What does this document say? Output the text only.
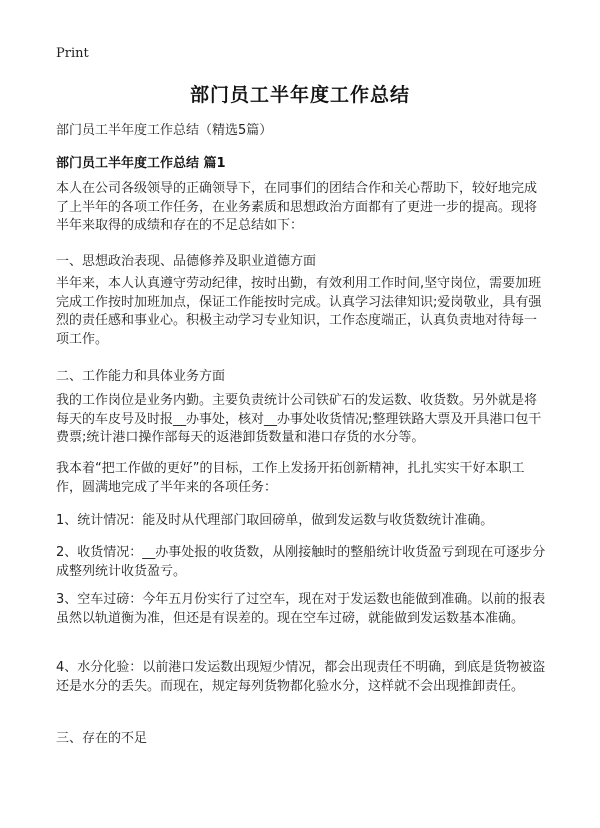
Print
部门员工半年度工作总结
部门员工半年度工作总结（精选5篇）
部门员工半年度工作总结 篇1

本人在公司各级领导的正确领导下，在同事们的团结合作和关心帮助下，较好地完成了上半年的各项工作任务，在业务素质和思想政治方面都有了更进一步的提高。现将半年来取得的成绩和存在的不足总结如下：

一、思想政治表现、品德修养及职业道德方面

半年来，本人认真遵守劳动纪律，按时出勤，有效利用工作时间,坚守岗位，需要加班完成工作按时加班加点，保证工作能按时完成。认真学习法律知识;爱岗敬业，具有强烈的责任感和事业心。积极主动学习专业知识，工作态度端正，认真负责地对待每一项工作。

二、工作能力和具体业务方面

我的工作岗位是业务内勤。主要负责统计公司铁矿石的发运数、收货数。另外就是将每天的车皮号及时报__办事处，核对__办事处收货情况;整理铁路大票及开具港口包干费票;统计港口操作部每天的返港卸货数量和港口存货的水分等。

我本着“把工作做的更好”的目标，工作上发扬开拓创新精神，扎扎实实干好本职工作，圆满地完成了半年来的各项任务：

1、统计情况：能及时从代理部门取回磅单，做到发运数与收货数统计准确。

2、收货情况：__办事处报的收货数，从刚接触时的整船统计收货盈亏到现在可逐步分成整列统计收货盈亏。

3、空车过磅：今年五月份实行了过空车，现在对于发运数也能做到准确。以前的报表虽然以轨道衡为准，但还是有误差的。现在空车过磅，就能做到发运数基本准确。

4、水分化验：以前港口发运数出现短少情况，都会出现责任不明确，到底是货物被盗还是水分的丢失。而现在，规定每列货物都化验水分，这样就不会出现推卸责任。

三、存在的不足
